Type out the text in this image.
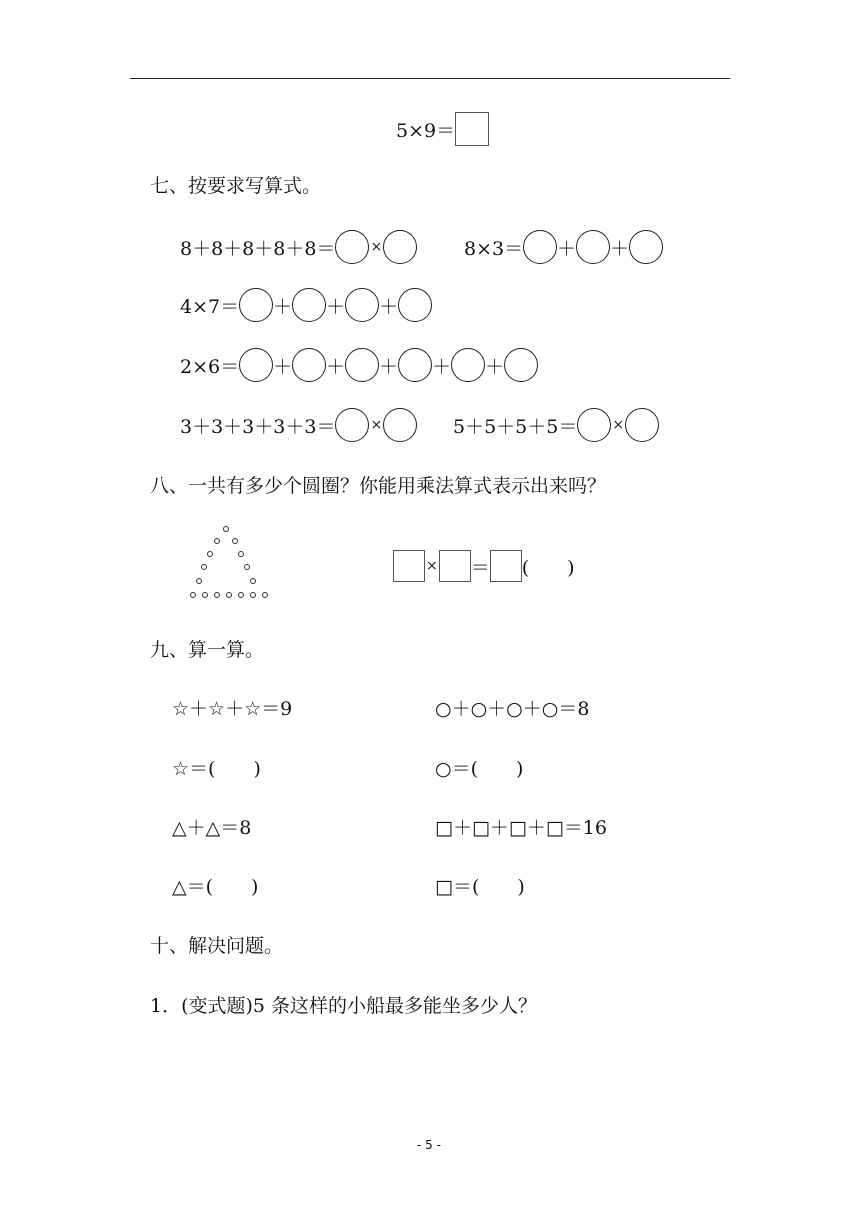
5×9＝
七、按要求写算式。
8＋8＋8＋8＋8＝	×	8×3＝ ＋ ＋
4×7＝ ＋ ＋ ＋
2×6＝ ＋ ＋ ＋ ＋ ＋
3＋3＋3＋3＋3＝	×	5＋5＋5＋5＝	×
八、一共有多少个圆圈？你能用乘法算式表示出来吗？
× ＝ (　　)
九、算一算。
☆＋☆＋☆＝9	○＋○＋○＋○＝8
☆＝(　　)	○＝(　　)
△＋△＝8	□＋□＋□＋□＝16
△＝(　　)	□＝(　　)
十、解决问题。
1．(变式题)5 条这样的小船最多能坐多少人？
- 5 -
